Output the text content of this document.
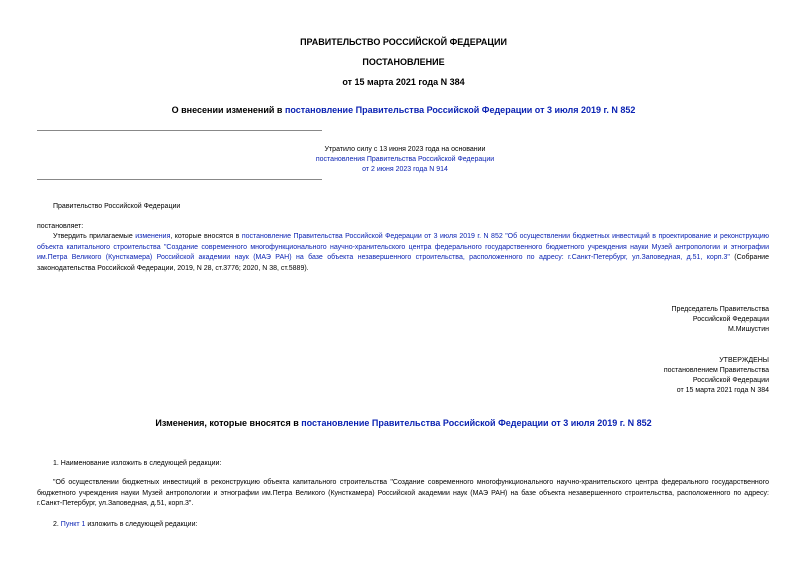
ПРАВИТЕЛЬСТВО РОССИЙСКОЙ ФЕДЕРАЦИИ
ПОСТАНОВЛЕНИЕ
от 15 марта 2021 года N 384
О внесении изменений в постановление Правительства Российской Федерации от 3 июля 2019 г. N 852
Утратило силу с 13 июня 2023 года на основании
постановления Правительства Российской Федерации
от 2 июня 2023 года N 914
Правительство Российской Федерации
постановляет:
Утвердить прилагаемые изменения, которые вносятся в постановление Правительства Российской Федерации от 3 июля 2019 г. N 852 "Об осуществлении бюджетных инвестиций в проектирование и реконструкцию объекта капитального строительства "Создание современного многофункционального научно-хранительского центра федерального государственного бюджетного учреждения науки Музей антропологии и этнографии им.Петра Великого (Кунсткамера) Российской академии наук (МАЭ РАН) на базе объекта незавершенного строительства, расположенного по адресу: г.Санкт-Петербург, ул.Заповедная, д.51, корп.3" (Собрание законодательства Российской Федерации, 2019, N 28, ст.3776; 2020, N 38, ст.5889).
Председатель Правительства
Российской Федерации
М.Мишустин
УТВЕРЖДЕНЫ
постановлением Правительства
Российской Федерации
от 15 марта 2021 года N 384
Изменения, которые вносятся в постановление Правительства Российской Федерации от 3 июля 2019 г. N 852
1. Наименование изложить в следующей редакции:
"Об осуществлении бюджетных инвестиций в реконструкцию объекта капитального строительства "Создание современного многофункционального научно-хранительского центра федерального государственного бюджетного учреждения науки Музей антропологии и этнографии им.Петра Великого (Кунсткамера) Российской академии наук (МАЭ РАН) на базе объекта незавершенного строительства, расположенного по адресу: г.Санкт-Петербург, ул.Заповедная, д.51, корп.3".
2. Пункт 1 изложить в следующей редакции:
